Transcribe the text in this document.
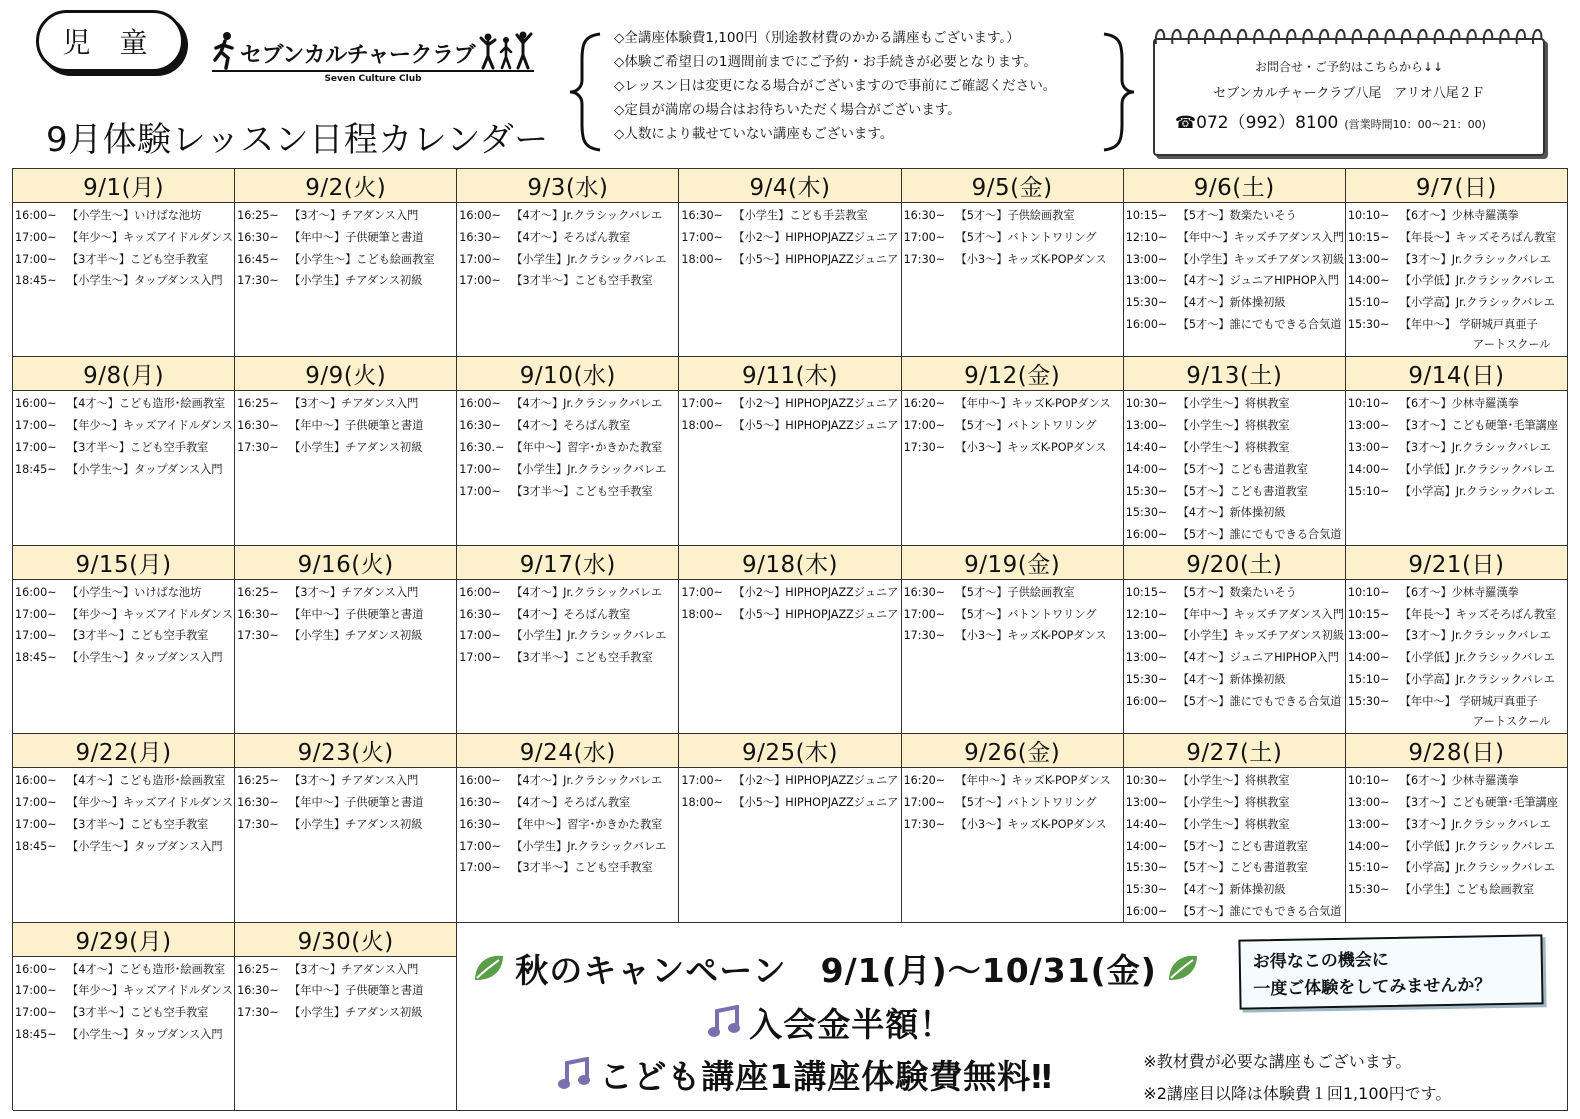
児 童	セブンカルチャークラブ
Seven Culture Club
9月体験レッスン日程カレンダー
◇全講座体験費1,100円（別途教材費のかかる講座もございます。）
◇体験ご希望日の1週間前までにご予約・お手続きが必要となります。
◇レッスン日は変更になる場合がございますので事前にご確認ください。
◇定員が満席の場合はお待ちいただく場合がございます。
◇人数により載せていない講座もございます。
お問合せ・ご予約はこちらから↓↓
セブンカルチャークラブ八尾　アリオ八尾２Ｆ
☎072（992）8100 (営業時間10：00～21：00)
9/1(月)
16:00~ 【小学生～】いけばな池坊
17:00~ 【年少～】キッズアイドルダンス
17:00~ 【3才半～】こども空手教室
18:45~ 【小学生～】タップダンス入門
9/2(火)
16:25~ 【3才～】チアダンス入門
16:30~ 【年中～】子供硬筆と書道
16:45~ 【小学生～】こども絵画教室
17:30~ 【小学生】チアダンス初級
9/3(水)
16:00~ 【4才～】Jr.クラシックバレエ
16:30~ 【4才～】そろばん教室
17:00~ 【小学生】Jr.クラシックバレエ
17:00~ 【3才半～】こども空手教室
9/4(木)
16:30~ 【小学生】こども手芸教室
17:00~ 【小2～】HIPHOPJAZZジュニア
18:00~ 【小5～】HIPHOPJAZZジュニア
9/5(金)
16:30~ 【5才～】子供絵画教室
17:00~ 【5才～】バトントワリング
17:30~ 【小3～】キッズK-POPダンス
9/6(土)
10:15~ 【5才～】数楽たいそう
12:10~ 【年中～】キッズチアダンス入門
13:00~ 【小学生】キッズチアダンス初級
13:00~ 【4才～】ジュニアHIPHOP入門
15:30~ 【4才～】新体操初級
16:00~ 【5才～】誰にでもできる合気道
9/7(日)
10:10~ 【6才～】少林寺羅漢拳
10:15~ 【年長～】キッズそろばん教室
13:00~ 【3才～】Jr.クラシックバレエ
14:00~ 【小学低】Jr.クラシックバレエ
15:10~ 【小学高】Jr.クラシックバレエ
15:30~ 【年中～】 学研城戸真亜子
アートスクール
9/8(月)
16:00~ 【4才～】こども造形･絵画教室
17:00~ 【年少～】キッズアイドルダンス
17:00~ 【3才半～】こども空手教室
18:45~ 【小学生～】タップダンス入門
9/9(火)
16:25~ 【3才～】チアダンス入門
16:30~ 【年中～】子供硬筆と書道
17:30~ 【小学生】チアダンス初級
9/10(水)
16:00~ 【4才～】Jr.クラシックバレエ
16:30~ 【4才～】そろばん教室
16:30.~ 【年中～】習字･かきかた教室
17:00~ 【小学生】Jr.クラシックバレエ
17:00~ 【3才半～】こども空手教室
9/11(木)
17:00~ 【小2～】HIPHOPJAZZジュニア
18:00~ 【小5～】HIPHOPJAZZジュニア
9/12(金)
16:20~ 【年中～】キッズK-POPダンス
17:00~ 【5才～】バトントワリング
17:30~ 【小3～】キッズK-POPダンス
9/13(土)
10:30~ 【小学生～】将棋教室
13:00~ 【小学生～】将棋教室
14:40~ 【小学生～】将棋教室
14:00~ 【5才～】こども書道教室
15:30~ 【5才～】こども書道教室
15:30~ 【4才～】新体操初級
16:00~ 【5才～】誰にでもできる合気道
9/14(日)
10:10~ 【6才～】少林寺羅漢拳
13:00~ 【3才～】こども硬筆･毛筆講座
13:00~ 【3才～】Jr.クラシックバレエ
14:00~ 【小学低】Jr.クラシックバレエ
15:10~ 【小学高】Jr.クラシックバレエ
9/15(月)
16:00~ 【小学生～】いけばな池坊
17:00~ 【年少～】キッズアイドルダンス
17:00~ 【3才半～】こども空手教室
18:45~ 【小学生～】タップダンス入門
9/16(火)
16:25~ 【3才～】チアダンス入門
16:30~ 【年中～】子供硬筆と書道
17:30~ 【小学生】チアダンス初級
9/17(水)
16:00~ 【4才～】Jr.クラシックバレエ
16:30~ 【4才～】そろばん教室
17:00~ 【小学生】Jr.クラシックバレエ
17:00~ 【3才半～】こども空手教室
9/18(木)
17:00~ 【小2～】HIPHOPJAZZジュニア
18:00~ 【小5～】HIPHOPJAZZジュニア
9/19(金)
16:30~ 【5才～】子供絵画教室
17:00~ 【5才～】バトントワリング
17:30~ 【小3～】キッズK-POPダンス
9/20(土)
10:15~ 【5才～】数楽たいそう
12:10~ 【年中～】キッズチアダンス入門
13:00~ 【小学生】キッズチアダンス初級
13:00~ 【4才～】ジュニアHIPHOP入門
15:30~ 【4才～】新体操初級
16:00~ 【5才～】誰にでもできる合気道
9/21(日)
10:10~ 【6才～】少林寺羅漢拳
10:15~ 【年長～】キッズそろばん教室
13:00~ 【3才～】Jr.クラシックバレエ
14:00~ 【小学低】Jr.クラシックバレエ
15:10~ 【小学高】Jr.クラシックバレエ
15:30~ 【年中～】 学研城戸真亜子
アートスクール
9/22(月)
16:00~ 【4才～】こども造形･絵画教室
17:00~ 【年少～】キッズアイドルダンス
17:00~ 【3才半～】こども空手教室
18:45~ 【小学生～】タップダンス入門
9/23(火)
16:25~ 【3才～】チアダンス入門
16:30~ 【年中～】子供硬筆と書道
17:30~ 【小学生】チアダンス初級
9/24(水)
16:00~ 【4才～】Jr.クラシックバレエ
16:30~ 【4才～】そろばん教室
16:30~ 【年中～】習字･かきかた教室
17:00~ 【小学生】Jr.クラシックバレエ
17:00~ 【3才半～】こども空手教室
9/25(木)
17:00~ 【小2～】HIPHOPJAZZジュニア
18:00~ 【小5～】HIPHOPJAZZジュニア
9/26(金)
16:20~ 【年中～】キッズK-POPダンス
17:00~ 【5才～】バトントワリング
17:30~ 【小3～】キッズK-POPダンス
9/27(土)
10:30~ 【小学生～】将棋教室
13:00~ 【小学生～】将棋教室
14:40~ 【小学生～】将棋教室
14:00~ 【5才～】こども書道教室
15:30~ 【5才～】こども書道教室
15:30~ 【4才～】新体操初級
16:00~ 【5才～】誰にでもできる合気道
9/28(日)
10:10~ 【6才～】少林寺羅漢拳
13:00~ 【3才～】こども硬筆･毛筆講座
13:00~ 【3才～】Jr.クラシックバレエ
14:00~ 【小学低】Jr.クラシックバレエ
15:10~ 【小学高】Jr.クラシックバレエ
15:30~ 【小学生】こども絵画教室
9/29(月)
16:00~ 【4才～】こども造形･絵画教室
17:00~ 【年少～】キッズアイドルダンス
17:00~ 【3才半～】こども空手教室
18:45~ 【小学生～】タップダンス入門
9/30(火)
16:25~ 【3才～】チアダンス入門
16:30~ 【年中～】子供硬筆と書道
17:30~ 【小学生】チアダンス初級
秋のキャンペーン　9/1(月)～10/31(金)
入会金半額！
こども講座1講座体験費無料‼
お得なこの機会に
一度ご体験をしてみませんか？
※教材費が必要な講座もございます。
※2講座目以降は体験費１回1,100円です。
